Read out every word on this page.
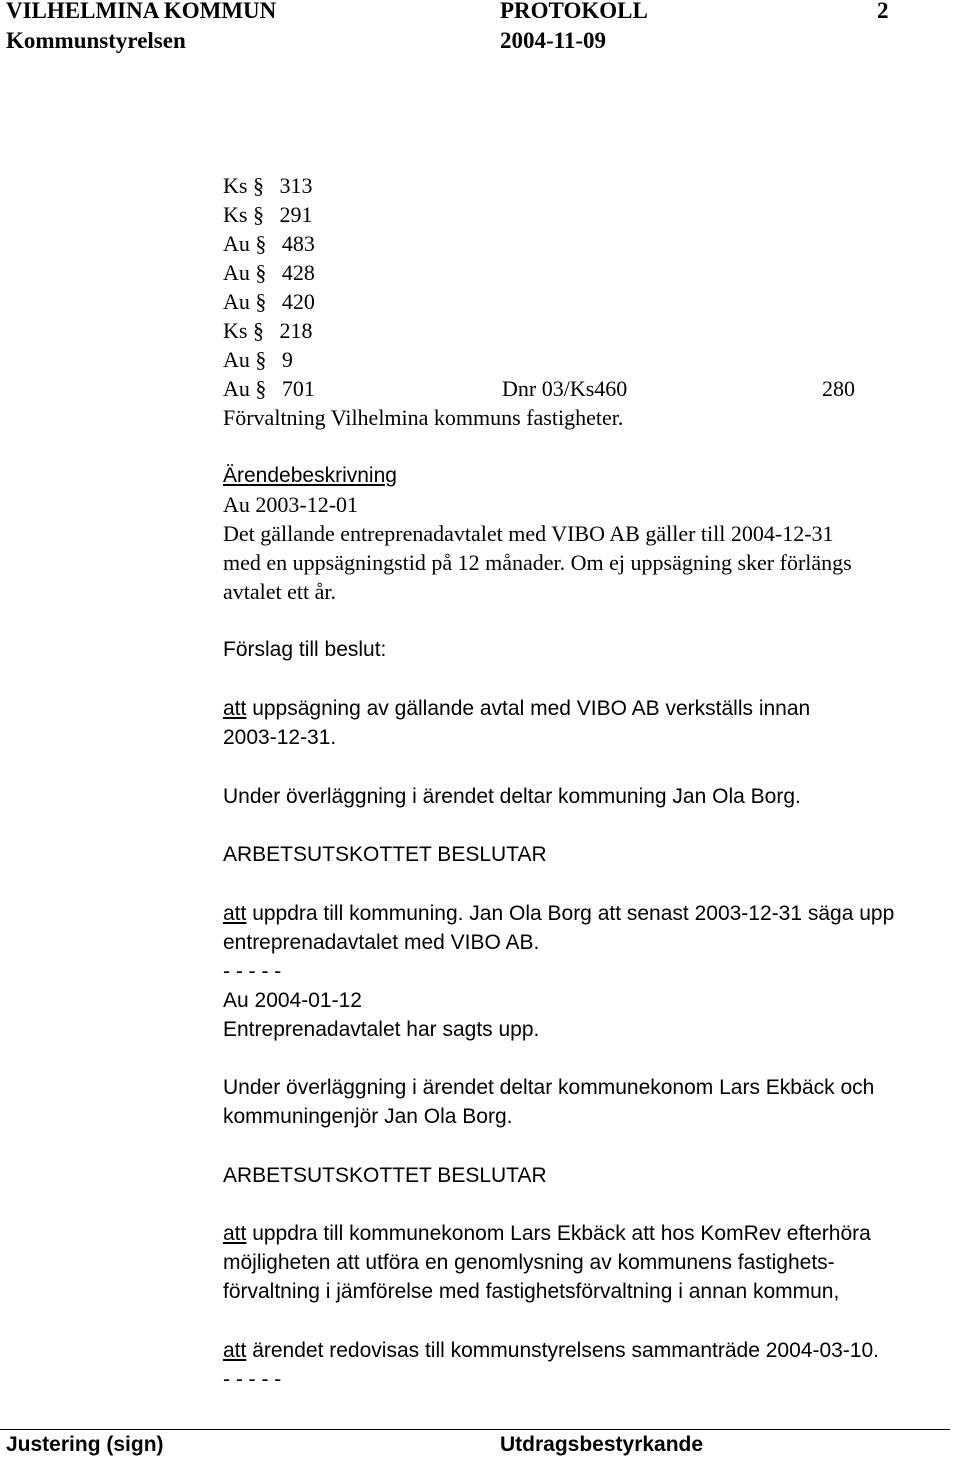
VILHELMINA KOMMUN	PROTOKOLL	2
Kommunstyrelsen	2004-11-09
Ks § 313
Ks § 291
Au § 483
Au § 428
Au § 420
Ks § 218
Au § 9
Au § 701	Dnr 03/Ks460	280
Förvaltning Vilhelmina kommuns fastigheter.
Ärendebeskrivning
Au 2003-12-01
Det gällande entreprenadavtalet med VIBO AB gäller till 2004-12-31
med en uppsägningstid på 12 månader. Om ej uppsägning sker förlängs
avtalet ett år.
Förslag till beslut:
att uppsägning av gällande avtal med VIBO AB verkställs innan
2003-12-31.
Under överläggning i ärendet deltar kommuning Jan Ola Borg.
ARBETSUTSKOTTET BESLUTAR
att uppdra till kommuning. Jan Ola Borg att senast 2003-12-31 säga upp
entreprenadavtalet med VIBO AB.
- - - - -
Au 2004-01-12
Entreprenadavtalet har sagts upp.
Under överläggning i ärendet deltar kommunekonom Lars Ekbäck och
kommuningenjör Jan Ola Borg.
ARBETSUTSKOTTET BESLUTAR
att uppdra till kommunekonom Lars Ekbäck att hos KomRev efterhöra
möjligheten att utföra en genomlysning av kommunens fastighets-
förvaltning i jämförelse med fastighetsförvaltning i annan kommun,
att ärendet redovisas till kommunstyrelsens sammanträde 2004-03-10.
- - - - -
Justering (sign)	Utdragsbestyrkande
